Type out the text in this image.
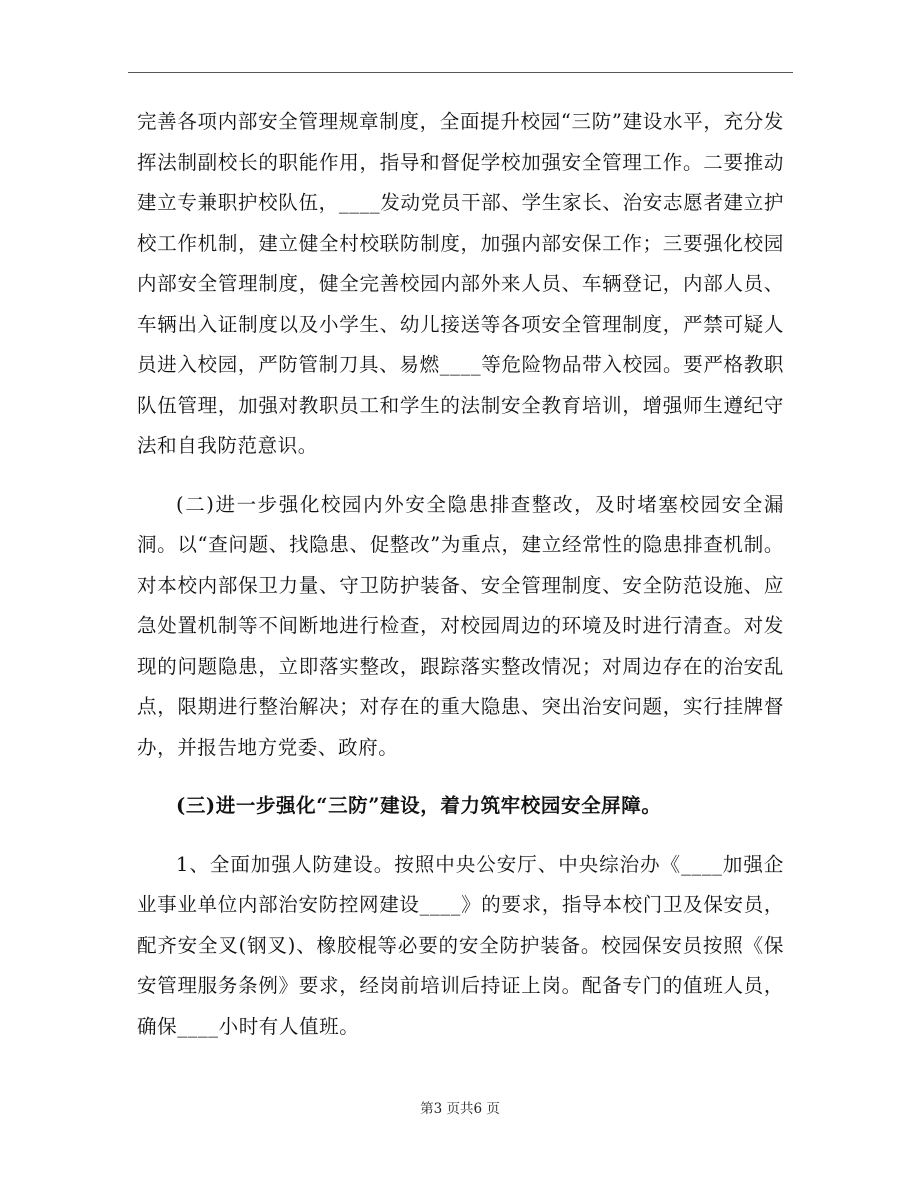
完善各项内部安全管理规章制度，全面提升校园“三防”建设水平，充分发挥法制副校长的职能作用，指导和督促学校加强安全管理工作。二要推动建立专兼职护校队伍，____发动党员干部、学生家长、治安志愿者建立护校工作机制，建立健全村校联防制度，加强内部安保工作；三要强化校园内部安全管理制度，健全完善校园内部外来人员、车辆登记，内部人员、车辆出入证制度以及小学生、幼儿接送等各项安全管理制度，严禁可疑人员进入校园，严防管制刀具、易燃____等危险物品带入校园。要严格教职队伍管理，加强对教职员工和学生的法制安全教育培训，增强师生遵纪守法和自我防范意识。

(二)进一步强化校园内外安全隐患排查整改，及时堵塞校园安全漏洞。以“查问题、找隐患、促整改”为重点，建立经常性的隐患排查机制。对本校内部保卫力量、守卫防护装备、安全管理制度、安全防范设施、应急处置机制等不间断地进行检查，对校园周边的环境及时进行清查。对发现的问题隐患，立即落实整改，跟踪落实整改情况；对周边存在的治安乱点，限期进行整治解决；对存在的重大隐患、突出治安问题，实行挂牌督办，并报告地方党委、政府。

(三)进一步强化“三防”建设，着力筑牢校园安全屏障。

1、全面加强人防建设。按照中央公安厅、中央综治办《____加强企业事业单位内部治安防控网建设____》的要求，指导本校门卫及保安员，配齐安全叉(钢叉)、橡胶棍等必要的安全防护装备。校园保安员按照《保安管理服务条例》要求，经岗前培训后持证上岗。配备专门的值班人员，确保____小时有人值班。

第3 页共6 页
